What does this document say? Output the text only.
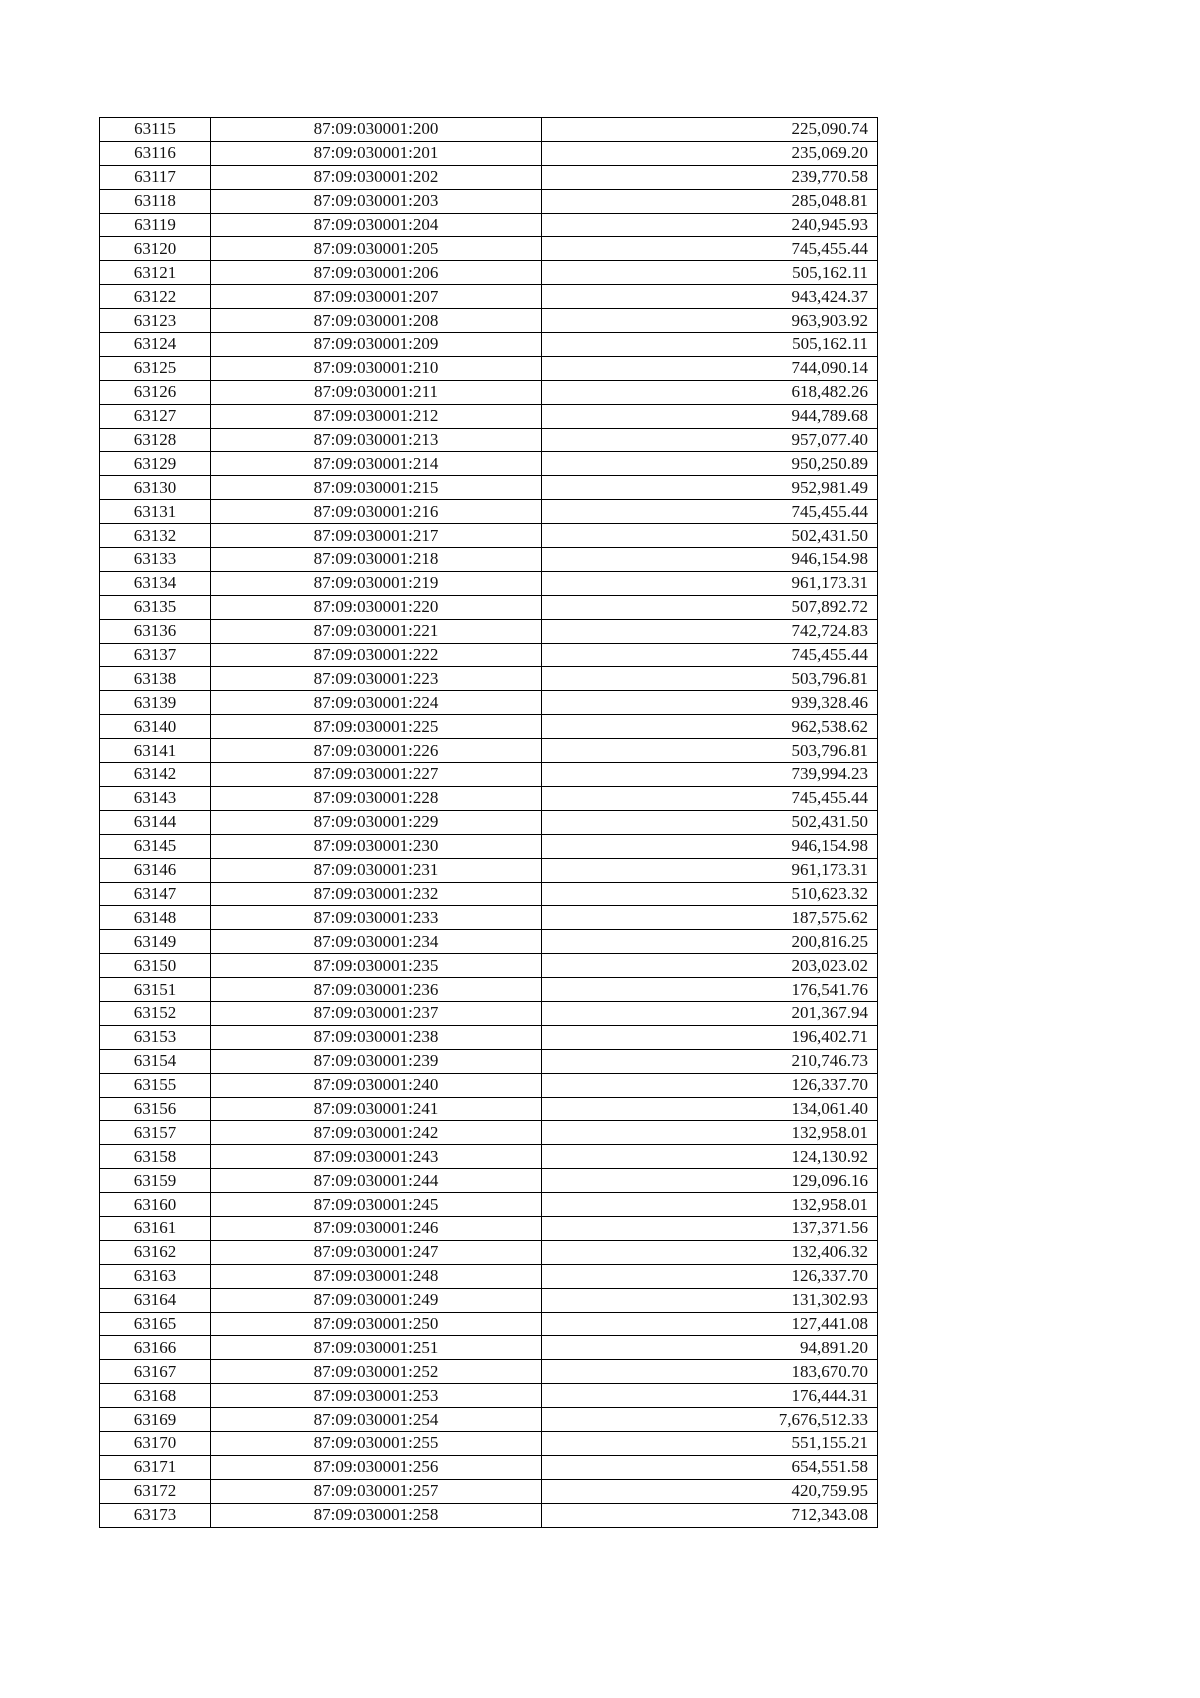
63115	87:09:030001:200	225,090.74
63116	87:09:030001:201	235,069.20
63117	87:09:030001:202	239,770.58
63118	87:09:030001:203	285,048.81
63119	87:09:030001:204	240,945.93
63120	87:09:030001:205	745,455.44
63121	87:09:030001:206	505,162.11
63122	87:09:030001:207	943,424.37
63123	87:09:030001:208	963,903.92
63124	87:09:030001:209	505,162.11
63125	87:09:030001:210	744,090.14
63126	87:09:030001:211	618,482.26
63127	87:09:030001:212	944,789.68
63128	87:09:030001:213	957,077.40
63129	87:09:030001:214	950,250.89
63130	87:09:030001:215	952,981.49
63131	87:09:030001:216	745,455.44
63132	87:09:030001:217	502,431.50
63133	87:09:030001:218	946,154.98
63134	87:09:030001:219	961,173.31
63135	87:09:030001:220	507,892.72
63136	87:09:030001:221	742,724.83
63137	87:09:030001:222	745,455.44
63138	87:09:030001:223	503,796.81
63139	87:09:030001:224	939,328.46
63140	87:09:030001:225	962,538.62
63141	87:09:030001:226	503,796.81
63142	87:09:030001:227	739,994.23
63143	87:09:030001:228	745,455.44
63144	87:09:030001:229	502,431.50
63145	87:09:030001:230	946,154.98
63146	87:09:030001:231	961,173.31
63147	87:09:030001:232	510,623.32
63148	87:09:030001:233	187,575.62
63149	87:09:030001:234	200,816.25
63150	87:09:030001:235	203,023.02
63151	87:09:030001:236	176,541.76
63152	87:09:030001:237	201,367.94
63153	87:09:030001:238	196,402.71
63154	87:09:030001:239	210,746.73
63155	87:09:030001:240	126,337.70
63156	87:09:030001:241	134,061.40
63157	87:09:030001:242	132,958.01
63158	87:09:030001:243	124,130.92
63159	87:09:030001:244	129,096.16
63160	87:09:030001:245	132,958.01
63161	87:09:030001:246	137,371.56
63162	87:09:030001:247	132,406.32
63163	87:09:030001:248	126,337.70
63164	87:09:030001:249	131,302.93
63165	87:09:030001:250	127,441.08
63166	87:09:030001:251	94,891.20
63167	87:09:030001:252	183,670.70
63168	87:09:030001:253	176,444.31
63169	87:09:030001:254	7,676,512.33
63170	87:09:030001:255	551,155.21
63171	87:09:030001:256	654,551.58
63172	87:09:030001:257	420,759.95
63173	87:09:030001:258	712,343.08
